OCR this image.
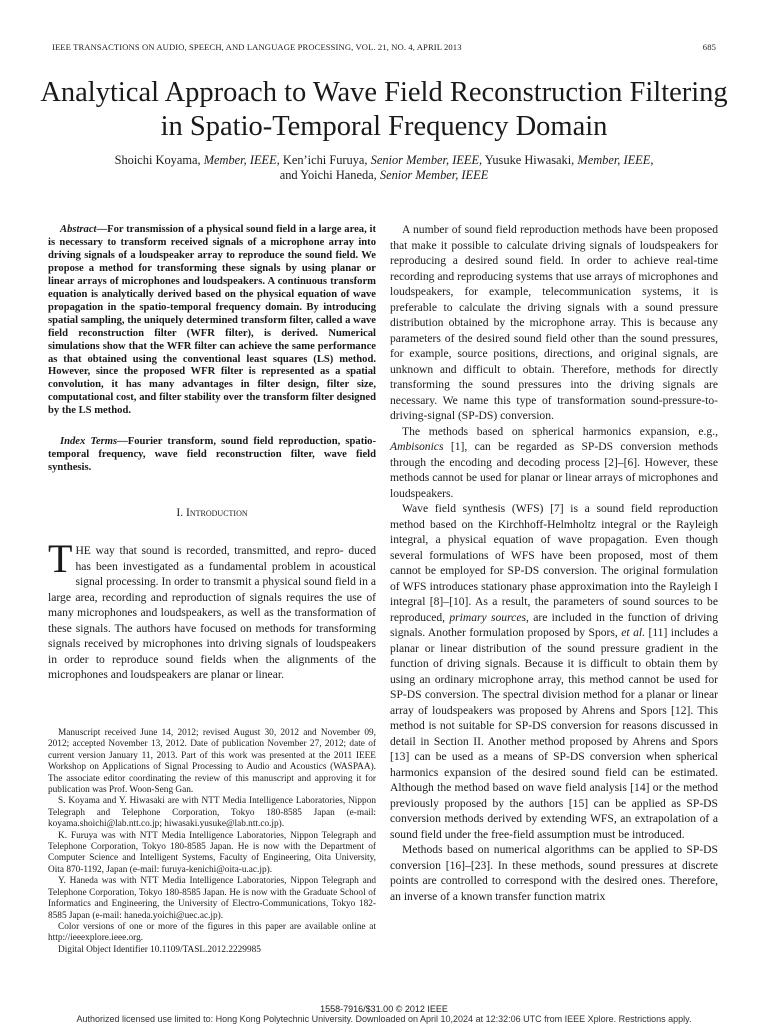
IEEE TRANSACTIONS ON AUDIO, SPEECH, AND LANGUAGE PROCESSING, VOL. 21, NO. 4, APRIL 2013	685
Analytical Approach to Wave Field Reconstruction Filtering in Spatio-Temporal Frequency Domain
Shoichi Koyama, Member, IEEE, Ken’ichi Furuya, Senior Member, IEEE, Yusuke Hiwasaki, Member, IEEE,
and Yoichi Haneda, Senior Member, IEEE

Abstract—For transmission of a physical sound field in a large area, it is necessary to transform received signals of a microphone array into driving signals of a loudspeaker array to reproduce the sound field. We propose a method for transforming these signals by using planar or linear arrays of microphones and loudspeakers. A continuous transform equation is analytically derived based on the physical equation of wave propagation in the spatio-temporal frequency domain. By introducing spatial sampling, the uniquely determined transform filter, called a wave field reconstruction filter (WFR filter), is derived. Numerical simulations show that the WFR filter can achieve the same performance as that obtained using the conventional least squares (LS) method. However, since the proposed WFR filter is represented as a spatial convolution, it has many advantages in filter design, filter size, computational cost, and filter stability over the transform filter designed by the LS method.

Index Terms—Fourier transform, sound field reproduction, spatio-temporal frequency, wave field reconstruction filter, wave field synthesis.

I. Introduction

THE way that sound is recorded, transmitted, and repro- duced has been investigated as a fundamental problem in acoustical signal processing. In order to transmit a physical sound field in a large area, recording and reproduction of signals requires the use of many microphones and loudspeakers, as well as the transformation of these signals. The authors have focused on methods for transforming signals received by microphones into driving signals of loudspeakers in order to reproduce sound fields when the alignments of the microphones and loudspeakers are planar or linear.

Manuscript received June 14, 2012; revised August 30, 2012 and November 09, 2012; accepted November 13, 2012. Date of publication November 27, 2012; date of current version January 11, 2013. Part of this work was presented at the 2011 IEEE Workshop on Applications of Signal Processing to Audio and Acoustics (WASPAA). The associate editor coordinating the review of this manuscript and approving it for publication was Prof. Woon-Seng Gan.

S. Koyama and Y. Hiwasaki are with NTT Media Intelligence Laboratories, Nippon Telegraph and Telephone Corporation, Tokyo 180-8585 Japan (e-mail: koyama.shoichi@lab.ntt.co.jp; hiwasaki.yusuke@lab.ntt.co.jp).

K. Furuya was with NTT Media Intelligence Laboratories, Nippon Telegraph and Telephone Corporation, Tokyo 180-8585 Japan. He is now with the Department of Computer Science and Intelligent Systems, Faculty of Engineering, Oita University, Oita 870-1192, Japan (e-mail: furuya-kenichi@oita-u.ac.jp).

Y. Haneda was with NTT Media Intelligence Laboratories, Nippon Telegraph and Telephone Corporation, Tokyo 180-8585 Japan. He is now with the Graduate School of Informatics and Engineering, the University of Electro-Communications, Tokyo 182-8585 Japan (e-mail: haneda.yoichi@uec.ac.jp).

Color versions of one or more of the figures in this paper are available online at http://ieeexplore.ieee.org.

Digital Object Identifier 10.1109/TASL.2012.2229985

A number of sound field reproduction methods have been proposed that make it possible to calculate driving signals of loudspeakers for reproducing a desired sound field. In order to achieve real-time recording and reproducing systems that use arrays of microphones and loudspeakers, for example, telecommunication systems, it is preferable to calculate the driving signals with a sound pressure distribution obtained by the microphone array. This is because any parameters of the desired sound field other than the sound pressures, for example, source positions, directions, and original signals, are unknown and difficult to obtain. Therefore, methods for directly transforming the sound pressures into the driving signals are necessary. We name this type of transformation sound-pressure-to-driving-signal (SP-DS) conversion.

The methods based on spherical harmonics expansion, e.g., Ambisonics [1], can be regarded as SP-DS conversion methods through the encoding and decoding process [2]–[6]. However, these methods cannot be used for planar or linear arrays of microphones and loudspeakers.

Wave field synthesis (WFS) [7] is a sound field reproduction method based on the Kirchhoff-Helmholtz integral or the Rayleigh integral, a physical equation of wave propagation. Even though several formulations of WFS have been proposed, most of them cannot be employed for SP-DS conversion. The original formulation of WFS introduces stationary phase approximation into the Rayleigh I integral [8]–[10]. As a result, the parameters of sound sources to be reproduced, primary sources, are included in the function of driving signals. Another formulation proposed by Spors, et al. [11] includes a planar or linear distribution of the sound pressure gradient in the function of driving signals. Because it is difficult to obtain them by using an ordinary microphone array, this method cannot be used for SP-DS conversion. The spectral division method for a planar or linear array of loudspeakers was proposed by Ahrens and Spors [12]. This method is not suitable for SP-DS conversion for reasons discussed in detail in Section II. Another method proposed by Ahrens and Spors [13] can be used as a means of SP-DS conversion when spherical harmonics expansion of the desired sound field can be estimated. Although the method based on wave field analysis [14] or the method previously proposed by the authors [15] can be applied as SP-DS conversion methods derived by extending WFS, an extrapolation of a sound field under the free-field assumption must be introduced.

Methods based on numerical algorithms can be applied to SP-DS conversion [16]–[23]. In these methods, sound pressures at discrete points are controlled to correspond with the desired ones. Therefore, an inverse of a known transfer function matrix

1558-7916/$31.00 © 2012 IEEE
Authorized licensed use limited to: Hong Kong Polytechnic University. Downloaded on April 10,2024 at 12:32:06 UTC from IEEE Xplore. Restrictions apply.
